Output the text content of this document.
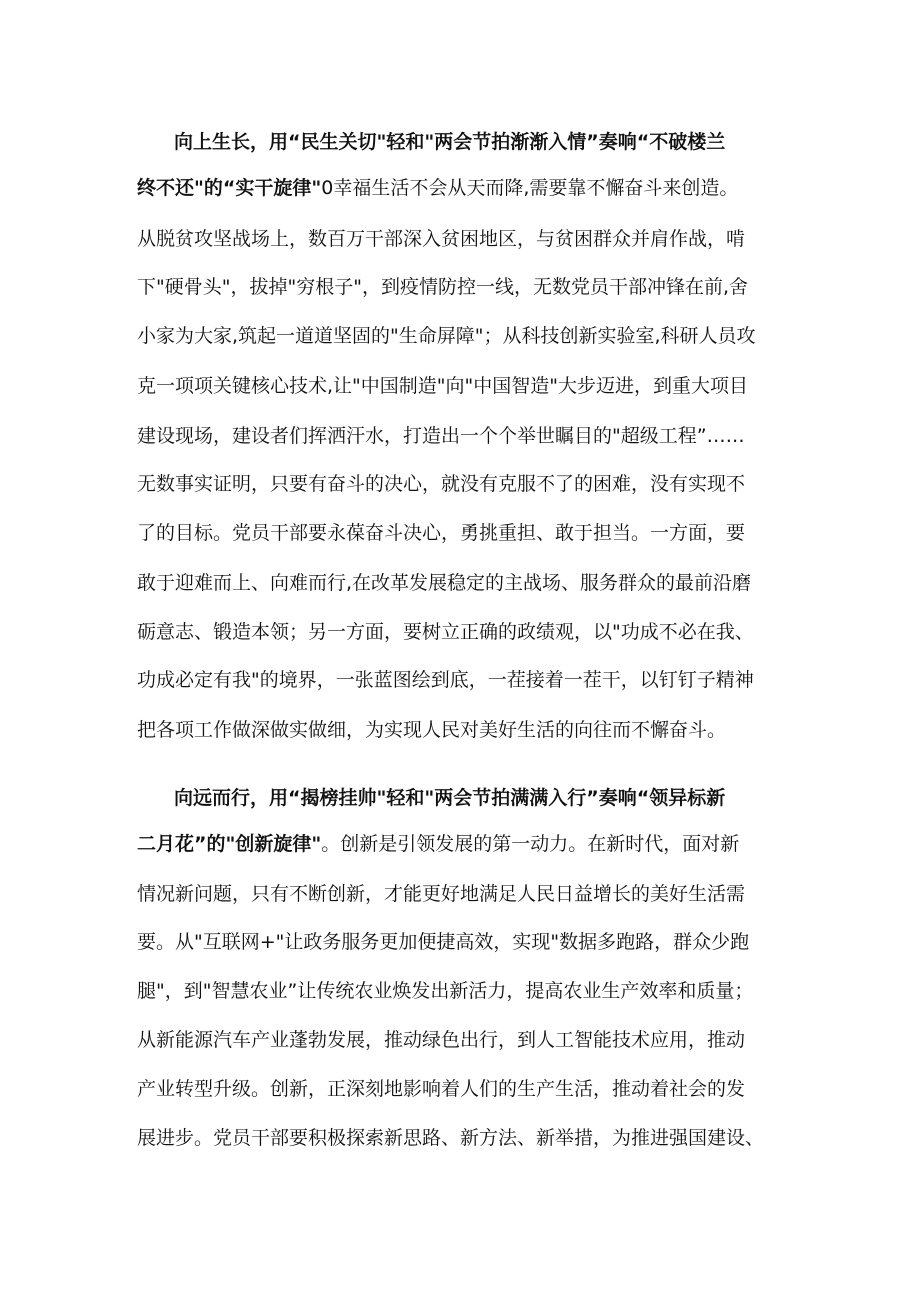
向上生长，用“民生关切"轻和"两会节拍渐渐入情”奏响“不破楼兰
终不还"的“实干旋律"0幸福生活不会从天而降,需要靠不懈奋斗来创造。
从脱贫攻坚战场上，数百万干部深入贫困地区，与贫困群众并肩作战，啃
下"硬骨头"，拔掉"穷根子"，到疫情防控一线，无数党员干部冲锋在前,舍
小家为大家,筑起一道道坚固的"生命屏障"；从科技创新实验室,科研人员攻
克一项项关键核心技术,让"中国制造"向"中国智造"大步迈进，到重大项目
建设现场，建设者们挥洒汗水，打造出一个个举世瞩目的"超级工程”……
无数事实证明，只要有奋斗的决心，就没有克服不了的困难，没有实现不
了的目标。党员干部要永葆奋斗决心，勇挑重担、敢于担当。一方面，要
敢于迎难而上、向难而行,在改革发展稳定的主战场、服务群众的最前沿磨
砺意志、锻造本领；另一方面，要树立正确的政绩观，以"功成不必在我、
功成必定有我"的境界，一张蓝图绘到底，一茬接着一茬干，以钉钉子精神
把各项工作做深做实做细，为实现人民对美好生活的向往而不懈奋斗。
向远而行，用“揭榜挂帅"轻和"两会节拍满满入行”奏响“领异标新
二月花”的"创新旋律"。创新是引领发展的第一动力。在新时代，面对新
情况新问题，只有不断创新，才能更好地满足人民日益增长的美好生活需
要。从"互联网+"让政务服务更加便捷高效，实现"数据多跑路，群众少跑
腿"，到"智慧农业”让传统农业焕发出新活力，提高农业生产效率和质量；
从新能源汽车产业蓬勃发展，推动绿色出行，到人工智能技术应用，推动
产业转型升级。创新，正深刻地影响着人们的生产生活，推动着社会的发
展进步。党员干部要积极探索新思路、新方法、新举措，为推进强国建设、
